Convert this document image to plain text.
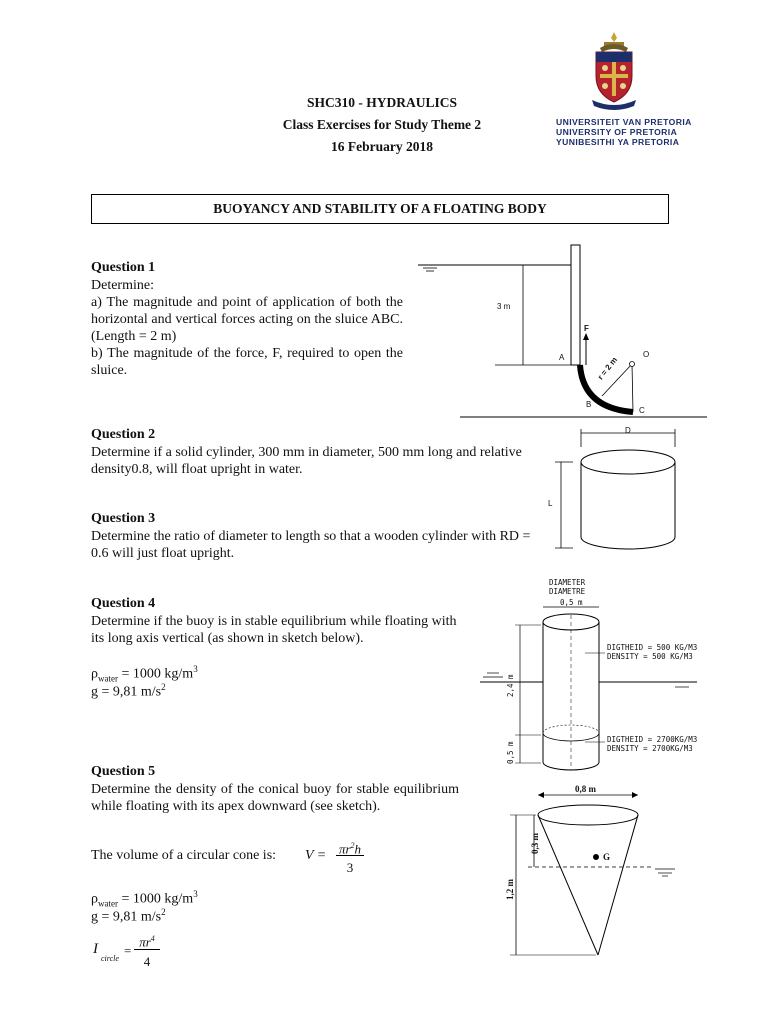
SHC310 - HYDRAULICS
Class Exercises for Study Theme 2
16 February 2018
UNIVERSITEIT VAN PRETORIA
UNIVERSITY OF PRETORIA
YUNIBESITHI YA PRETORIA
BUOYANCY AND STABILITY OF A FLOATING BODY
Question 1
Determine:
a) The magnitude and point of application of both the horizontal and vertical forces acting on the sluice ABC. (Length = 2 m)
b) The magnitude of the force, F, required to open the sluice.
3 m
F
A	O
B
C
r = 2 m
Question 2
Determine if a solid cylinder, 300 mm in diameter, 500 mm long and relative density0.8, will float upright in water.
D
L
Question 3
Determine the ratio of diameter to length so that a wooden cylinder with RD = 0.6 will just float upright.
Question 4
Determine if the buoy is in stable equilibrium while floating with its long axis vertical (as shown in sketch below).
$\rho_{water} = 1000$ $kg/m^3$
g = 9,81 $m/s^2$
DIAMETER
DIAMETRE
0,5 m
DIGTHEID = 500 KG/M3
DENSITY = 500 KG/M3
DIGTHEID = 2700KG/M3
DENSITY = 2700KG/M3
2,4 m
0,5 m
Question 5
Determine the density of the conical buoy for stable equilibrium while floating with its apex downward (see sketch).
The volume of a circular cone is: $V = \pi r^2h$
3
$\rho_{water} = 1000$ $kg/m^3$
g = 9,81 $m/s^2$
I
circle
=
$\pi r^4$
4
0,8 m
0,3 m
1,2 m
G
